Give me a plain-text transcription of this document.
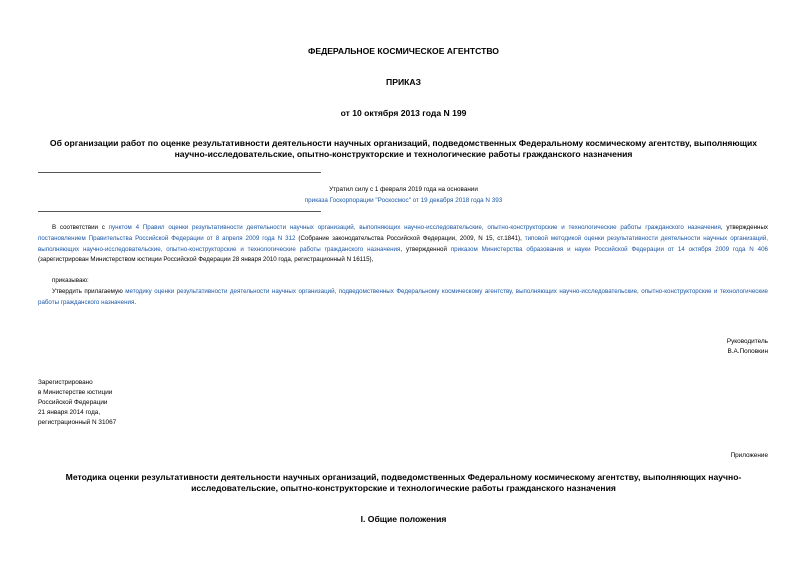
ФЕДЕРАЛЬНОЕ КОСМИЧЕСКОЕ АГЕНТСТВО
ПРИКАЗ
от 10 октября 2013 года N 199
Об организации работ по оценке результативности деятельности научных организаций, подведомственных Федеральному космическому агентству, выполняющих
научно-исследовательские, опытно-конструкторские и технологические работы гражданского назначения
Утратил силу с 1 февраля 2019 года на основании
приказа Госкорпорации "Роскосмос" от 19 декабря 2018 года N 393
В соответствии с пунктом 4 Правил оценки результативности деятельности научных организаций, выполняющих научно-исследовательские, опытно-конструкторские и технологические работы гражданского назначения, утвержденных постановлением Правительства Российской Федерации от 8 апреля 2009 года N 312 (Собрание законодательства Российской Федерации, 2009, N 15, ст.1841), типовой методикой оценки результативности деятельности научных организаций, выполняющих научно-исследовательские, опытно-конструкторские и технологические работы гражданского назначения, утвержденной приказом Министерства образования и науки Российской Федерации от 14 октября 2009 года N 406 (зарегистрирован Министерством юстиции Российской Федерации 28 января 2010 года, регистрационный N 16115),
приказываю:
Утвердить прилагаемую методику оценки результативности деятельности научных организаций, подведомственных Федеральному космическому агентству, выполняющих научно-исследовательские, опытно-конструкторские и технологические работы гражданского назначения.
Руководитель
В.А.Поповкин
Зарегистрировано
в Министерстве юстиции
Российской Федерации
21 января 2014 года,
регистрационный N 31067
Приложение
Методика оценки результативности деятельности научных организаций, подведомственных Федеральному космическому агентству, выполняющих научно-
исследовательские, опытно-конструкторские и технологические работы гражданского назначения
I. Общие положения
